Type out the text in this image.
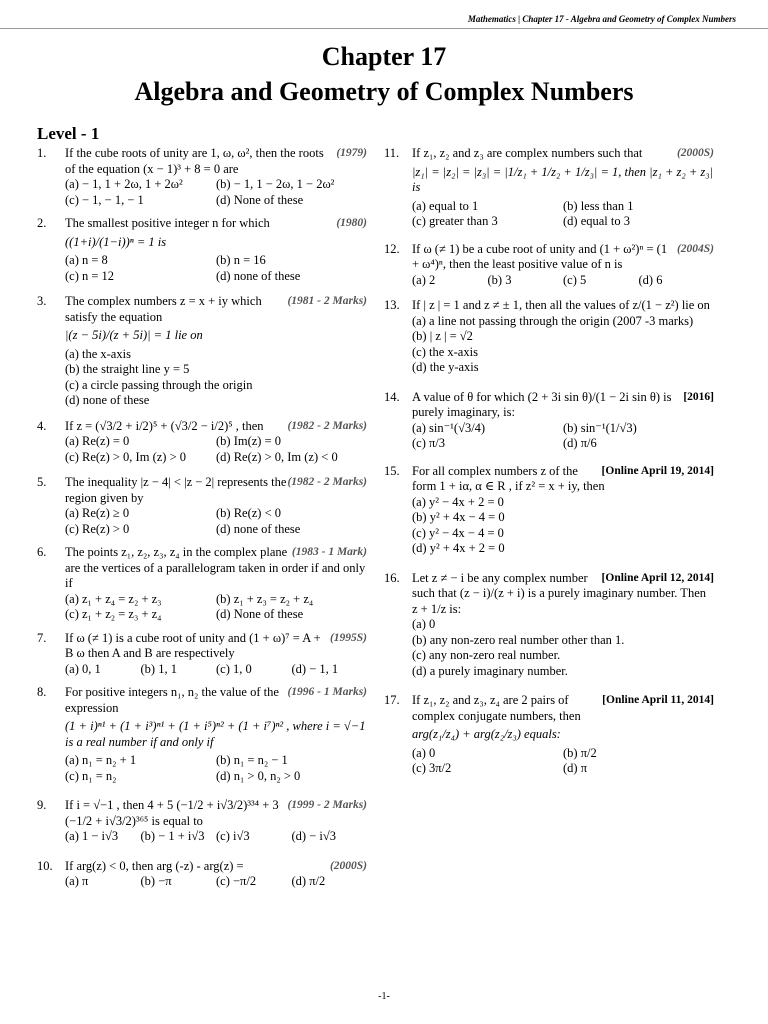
Mathematics | Chapter 17 - Algebra and Geometry of Complex Numbers
Chapter 17
Algebra and Geometry of Complex Numbers
Level - 1
1.	(1979)
If the cube roots of unity are 1, ω, ω², then the roots of the equation (x − 1)³ + 8 = 0 are
(a) − 1, 1 + 2ω, 1 + 2ω²	(b) − 1, 1 − 2ω, 1 − 2ω²
(c) − 1, − 1, − 1	(d) None of these
2.	(1980)
The smallest positive integer n for which
((1+i)/(1−i))ⁿ = 1 is
(a) n = 8	(b) n = 16
(c) n = 12	(d) none of these
3.	(1981 - 2 Marks)
The complex numbers z = x + iy which satisfy the equation
|(z − 5i)/(z + 5i)| = 1 lie on
(a) the x-axis
(b) the straight line y = 5
(c) a circle passing through the origin
(d) none of these
4.	(1982 - 2 Marks)
If z = (√3/2 + i/2)⁵ + (√3/2 − i/2)⁵ , then
(a) Re(z) = 0	(b) Im(z) = 0
(c) Re(z) > 0, Im (z) > 0	(d) Re(z) > 0, Im (z) < 0
5.	(1982 - 2 Marks)
The inequality |z − 4| < |z − 2| represents the region given by
(a) Re(z) ≥ 0	(b) Re(z) < 0
(c) Re(z) > 0	(d) none of these
6.	(1983 - 1 Mark)
The points z₁, z₂, z₃, z₄ in the complex plane are the vertices of a parallelogram taken in order if and only if
(a) z₁ + z₄ = z₂ + z₃	(b) z₁ + z₃ = z₂ + z₄
(c) z₁ + z₂ = z₃ + z₄	(d) None of these
7.	(1995S)
If ω (≠ 1) is a cube root of unity and (1 + ω)⁷ = A + B ω then A and B are respectively
(a) 0, 1	(b) 1, 1	(c) 1, 0	(d) − 1, 1
8.	(1996 - 1 Marks)
For positive integers n₁, n₂ the value of the expression
(1 + i)ⁿ¹ + (1 + i³)ⁿ¹ + (1 + i⁵)ⁿ² + (1 + i⁷)ⁿ² , where i = √−1 is a real number if and only if
(a) n₁ = n₂ + 1	(b) n₁ = n₂ − 1
(c) n₁ = n₂	(d) n₁ > 0, n₂ > 0
9.	(1999 - 2 Marks)
If i = √−1 , then 4 + 5 (−1/2 + i√3/2)³³⁴ + 3 (−1/2 + i√3/2)³⁶⁵ is equal to
(a) 1 − i√3	(b) − 1 + i√3 (c) i√3	(d) − i√3
10.	(2000S)
If arg(z) < 0, then arg (-z) - arg(z) =
(a) π	(b) −π	(c) −π/2	(d) π/2
11.	(2000S)
If z₁, z₂ and z₃ are complex numbers such that
|z₁| = |z₂| = |z₃| = |1/z₁ + 1/z₂ + 1/z₃| = 1, then |z₁ + z₂ + z₃| is
(a) equal to 1	(b) less than 1
(c) greater than 3	(d) equal to 3
12.	(2004S)
If ω (≠ 1) be a cube root of unity and (1 + ω²)ⁿ = (1 + ω⁴)ⁿ, then the least positive value of n is
(a) 2	(b) 3	(c) 5	(d) 6
13. If | z | = 1 and z ≠ ± 1, then all the values of z/(1 − z²) lie on
(a) a line not passing through the origin (2007 -3 marks)
(b) | z | = √2
(c) the x-axis
(d) the y-axis
14.	[2016]
A value of θ for which (2 + 3i sin θ)/(1 − 2i sin θ) is purely imaginary, is:
(a) sin⁻¹(√3/4)	(b) sin⁻¹(1/√3)
(c) π/3	(d) π/6
15.	[Online April 19, 2014]
For all complex numbers z of the form 1 + iα, α ∈ R , if z² = x + iy, then
(a) y² − 4x + 2 = 0
(b) y² + 4x − 4 = 0
(c) y² − 4x − 4 = 0
(d) y² + 4x + 2 = 0
16.	[Online April 12, 2014]
Let z ≠ − i be any complex number such that (z − i)/(z + i) is a purely imaginary number. Then z + 1/z is:
(a) 0
(b) any non-zero real number other than 1.
(c) any non-zero real number.
(d) a purely imaginary number.
17.	[Online April 11, 2014]
If z₁, z₂ and z₃, z₄ are 2 pairs of complex conjugate numbers, then
arg(z₁/z₄) + arg(z₂/z₃) equals:
(a) 0	(b) π/2
(c) 3π/2	(d) π
-1-
